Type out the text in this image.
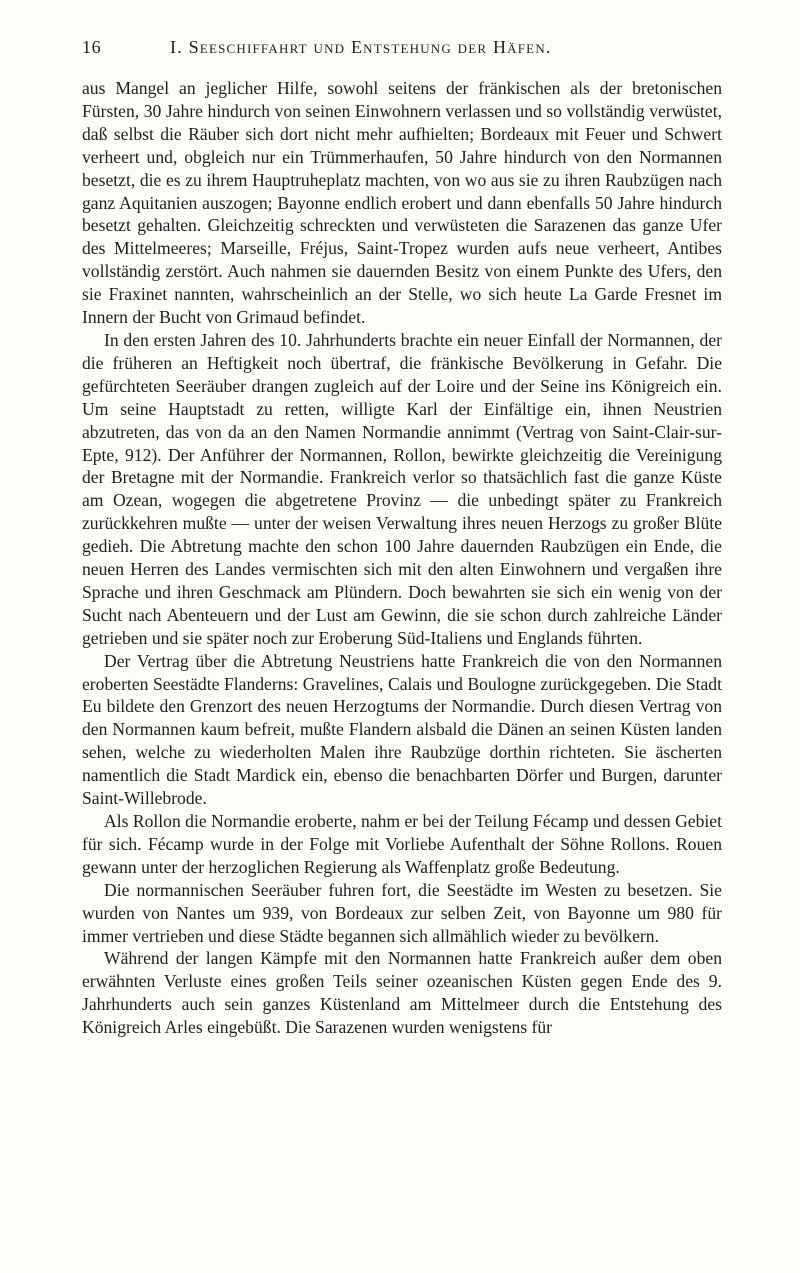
16	I. Seeschiffahrt und Entstehung der Häfen.

aus Mangel an jeglicher Hilfe, sowohl seitens der fränkischen als der bretonischen Fürsten, 30 Jahre hindurch von seinen Einwohnern verlassen und so vollständig verwüstet, daß selbst die Räuber sich dort nicht mehr aufhielten; Bordeaux mit Feuer und Schwert verheert und, obgleich nur ein Trümmerhaufen, 50 Jahre hindurch von den Normannen besetzt, die es zu ihrem Hauptruheplatz machten, von wo aus sie zu ihren Raubzügen nach ganz Aquitanien auszogen; Bayonne endlich erobert und dann ebenfalls 50 Jahre hindurch besetzt gehalten. Gleichzeitig schreckten und verwüsteten die Sarazenen das ganze Ufer des Mittelmeeres; Marseille, Fréjus, Saint-Tropez wurden aufs neue verheert, Antibes vollständig zerstört. Auch nahmen sie dauernden Besitz von einem Punkte des Ufers, den sie Fraxinet nannten, wahrscheinlich an der Stelle, wo sich heute La Garde Fresnet im Innern der Bucht von Grimaud befindet.

In den ersten Jahren des 10. Jahrhunderts brachte ein neuer Einfall der Normannen, der die früheren an Heftigkeit noch übertraf, die fränkische Bevölkerung in Gefahr. Die gefürchteten Seeräuber drangen zugleich auf der Loire und der Seine ins Königreich ein. Um seine Hauptstadt zu retten, willigte Karl der Einfältige ein, ihnen Neustrien abzutreten, das von da an den Namen Normandie annimmt (Vertrag von Saint-Clair-sur-Epte, 912). Der Anführer der Normannen, Rollon, bewirkte gleichzeitig die Vereinigung der Bretagne mit der Normandie. Frankreich verlor so thatsächlich fast die ganze Küste am Ozean, wogegen die abgetretene Provinz — die unbedingt später zu Frankreich zurückkehren mußte — unter der weisen Verwaltung ihres neuen Herzogs zu großer Blüte gedieh. Die Abtretung machte den schon 100 Jahre dauernden Raubzügen ein Ende, die neuen Herren des Landes vermischten sich mit den alten Einwohnern und vergaßen ihre Sprache und ihren Geschmack am Plündern. Doch bewahrten sie sich ein wenig von der Sucht nach Abenteuern und der Lust am Gewinn, die sie schon durch zahlreiche Länder getrieben und sie später noch zur Eroberung Süd-Italiens und Englands führten.

Der Vertrag über die Abtretung Neustriens hatte Frankreich die von den Normannen eroberten Seestädte Flanderns: Gravelines, Calais und Boulogne zurückgegeben. Die Stadt Eu bildete den Grenzort des neuen Herzogtums der Normandie. Durch diesen Vertrag von den Normannen kaum befreit, mußte Flandern alsbald die Dänen an seinen Küsten landen sehen, welche zu wiederholten Malen ihre Raubzüge dorthin richteten. Sie äscherten namentlich die Stadt Mardick ein, ebenso die benachbarten Dörfer und Burgen, darunter Saint-Willebrode.

Als Rollon die Normandie eroberte, nahm er bei der Teilung Fécamp und dessen Gebiet für sich. Fécamp wurde in der Folge mit Vorliebe Aufenthalt der Söhne Rollons. Rouen gewann unter der herzoglichen Regierung als Waffenplatz große Bedeutung.

Die normannischen Seeräuber fuhren fort, die Seestädte im Westen zu besetzen. Sie wurden von Nantes um 939, von Bordeaux zur selben Zeit, von Bayonne um 980 für immer vertrieben und diese Städte begannen sich allmählich wieder zu bevölkern.

Während der langen Kämpfe mit den Normannen hatte Frankreich außer dem oben erwähnten Verluste eines großen Teils seiner ozeanischen Küsten gegen Ende des 9. Jahrhunderts auch sein ganzes Küstenland am Mittelmeer durch die Entstehung des Königreich Arles eingebüßt. Die Sarazenen wurden wenigstens für
